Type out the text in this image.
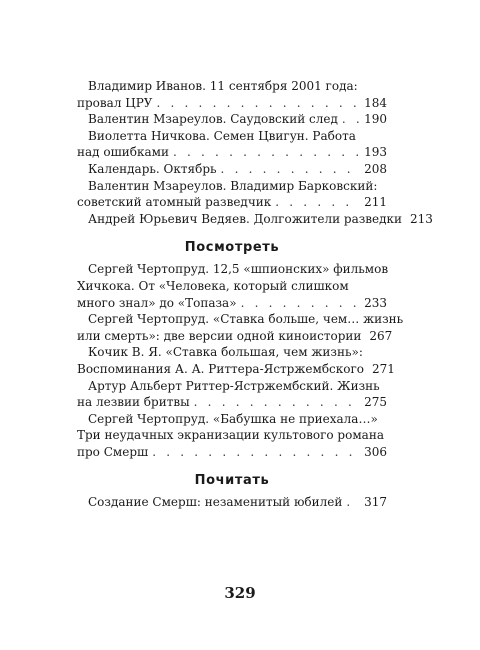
Владимир Иванов. 11 сентября 2001 года:
провал ЦРУ . . .	184
Валентин Мзареулов. Саудовский след . . . 190
Виолетта Ничкова. Семен Цвигун. Работа
над ошибками . . .	193
Календарь. Октябрь . . .	208
Валентин Мзареулов. Владимир Барковский:
советский атомный разведчик . . .	211
Андрей Юрьевич Ведяев. Долгожители разведки 213
Посмотреть
Сергей Чертопруд. 12,5 «шпионских» фильмов
Хичкока. От «Человека, который слишком
много знал» до «Топаза» . . .	233
Сергей Чертопруд. «Ставка больше, чем… жизнь
или смерть»: две версии одной киноистории 267
Кочик В. Я. «Ставка большая, чем жизнь»:
Воспоминания А. А. Риттера-Ястржембского 271
Артур Альберт Риттер-Ястржембский. Жизнь
на лезвии бритвы . . .	275
Сергей Чертопруд. «Бабушка не приехала…»
Три неудачных экранизации культового романа
про Смерш . . .	306
Почитать
Создание Смерш: незаменитый юбилей . . . 317
329
